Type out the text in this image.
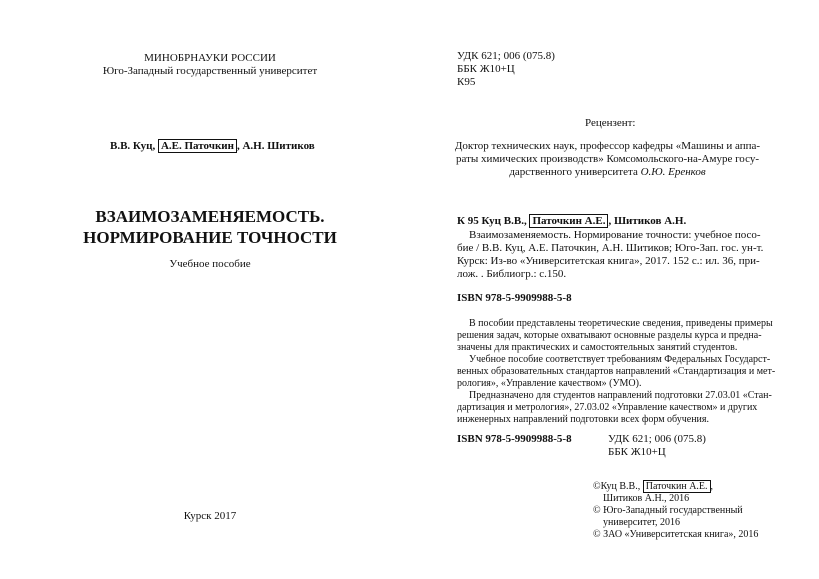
МИНОБРНАУКИ РОССИИ
Юго-Западный государственный университет
В.В. Куц, А.Е. Паточкин , А.Н. Шитиков
ВЗАИМОЗАМЕНЯЕМОСТЬ.
НОРМИРОВАНИЕ ТОЧНОСТИ
Учебное пособие
Курск 2017
УДК 621; 006 (075.8)
ББК Ж10+Ц
К95
Рецензент:
Доктор технических наук, профессор кафедры «Машины и аппа-
раты химических производств» Комсомольского-на-Амуре госу-
дарственного университета О.Ю. Еренков
К 95 Куц В.В., Паточкин А.Е. , Шитиков А.Н.
Взаимозаменяемость. Нормирование точности: учебное посо-
бие / В.В. Куц, А.Е. Паточкин, А.Н. Шитиков; Юго-Зап. гос. ун-т.
Курск: Из-во «Университетская книга», 2017. 152 с.: ил. 36, при-
лож. . Библиогр.: с.150.
ISBN 978-5-9909988-5-8
В пособии представлены теоретические сведения, приведены примеры
решения задач, которые охватывают основные разделы курса и предна-
значены для практических и самостоятельных занятий студентов.
Учебное пособие соответствует требованиям Федеральных Государст-
венных образовательных стандартов направлений «Стандартизация и мет-
рология», «Управление качеством» (УМО).
Предназначено для студентов направлений подготовки 27.03.01 «Стан-
дартизация и метрология», 27.03.02 «Управление качеством» и других
инженерных направлений подготовки всех форм обучения.
ISBN 978-5-9909988-5-8	УДК 621; 006 (075.8)
ББК Ж10+Ц
©Куц В.В., Паточкин А.Е. ,
Шитиков А.Н., 2016
© Юго-Западный государственный
университет, 2016
© ЗАО «Университетская книга», 2016
